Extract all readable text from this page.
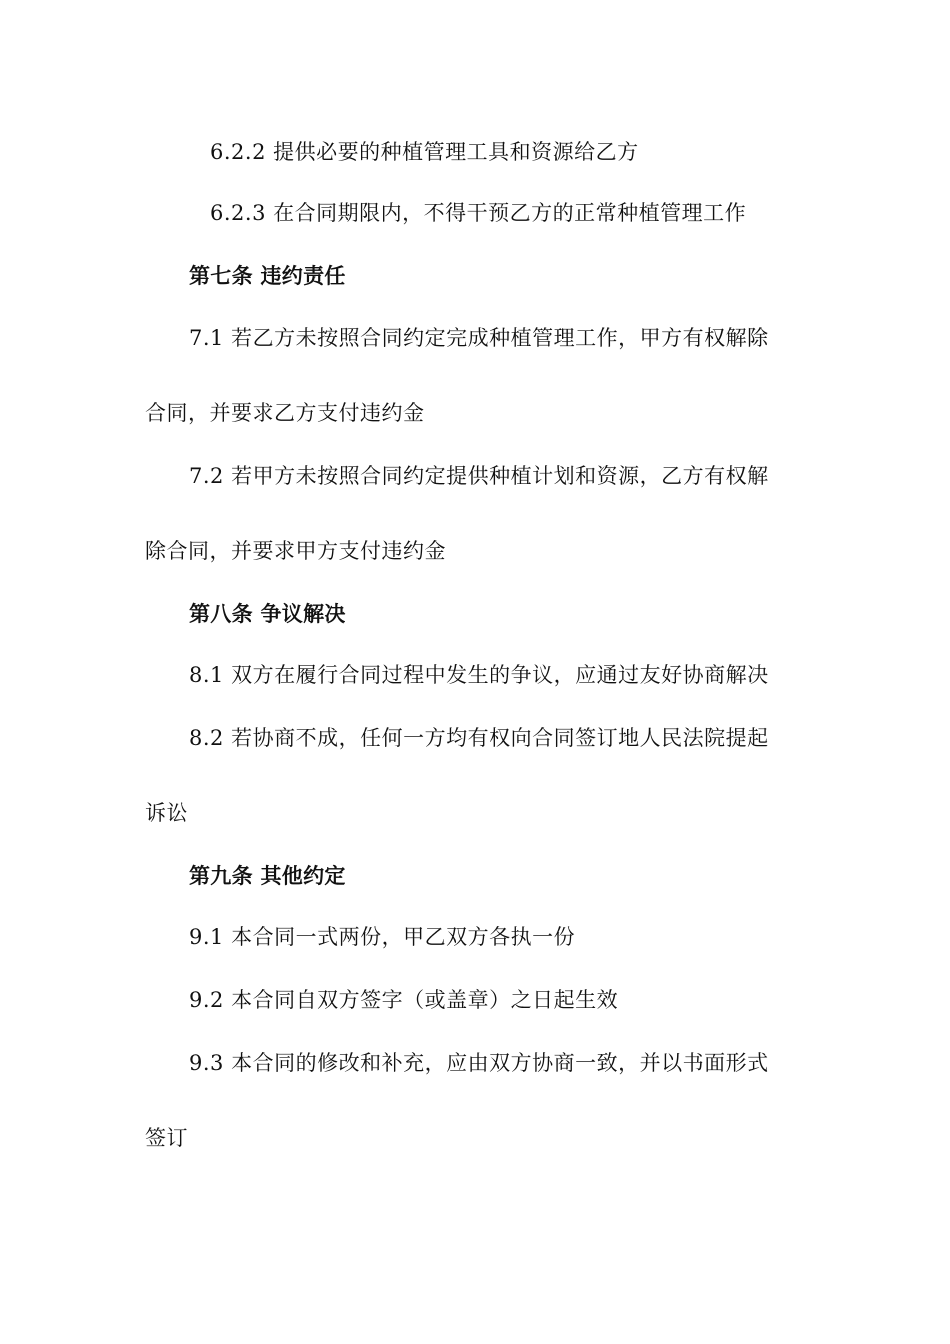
6.2.2 提供必要的种植管理工具和资源给乙方
6.2.3 在合同期限内，不得干预乙方的正常种植管理工作
第七条 违约责任
7.1 若乙方未按照合同约定完成种植管理工作，甲方有权解除
合同，并要求乙方支付违约金
7.2 若甲方未按照合同约定提供种植计划和资源，乙方有权解
除合同，并要求甲方支付违约金
第八条 争议解决
8.1 双方在履行合同过程中发生的争议，应通过友好协商解决
8.2 若协商不成，任何一方均有权向合同签订地人民法院提起
诉讼
第九条 其他约定
9.1 本合同一式两份，甲乙双方各执一份
9.2 本合同自双方签字（或盖章）之日起生效
9.3 本合同的修改和补充，应由双方协商一致，并以书面形式
签订
